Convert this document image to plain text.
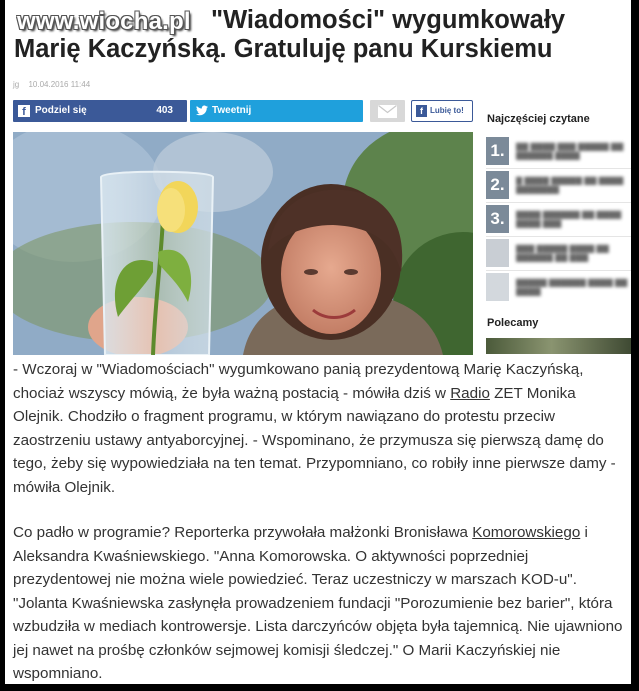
"Wiadomości" wygumkowały Marię Kaczyńską. Gratuluję panu Kurskiemu
www.wiocha.pl
jg 10.04.2016 11:44
f Podziel się	403	Tweetnij	f Lubię to!
Najczęściej czytane
1.	▇▇ ▇▇▇▇ ▇▇▇ ▇▇▇▇▇ ▇▇ ▇▇▇▇▇▇ ▇▇▇▇
2.	▇ ▇▇▇▇ ▇▇▇▇▇ ▇▇ ▇▇▇▇ ▇▇▇▇▇▇▇
3.	▇▇▇▇ ▇▇▇▇▇▇ ▇▇ ▇▇▇▇ ▇▇▇▇ ▇▇▇
4.	▇▇▇ ▇▇▇▇▇ ▇▇▇▇ ▇▇ ▇▇▇▇▇▇ ▇▇ ▇▇▇
5.	▇▇▇▇▇ ▇▇▇▇▇▇ ▇▇▇▇ ▇▇ ▇▇▇▇
Polecamy

- Wczoraj w "Wiadomościach" wygumkowano panią prezydentową Marię Kaczyńską, chociaż wszyscy mówią, że była ważną postacią - mówiła dziś w Radio ZET Monika Olejnik. Chodziło o fragment programu, w którym nawiązano do protestu przeciw zaostrzeniu ustawy antyaborcyjnej. - Wspominano, że przymusza się pierwszą damę do tego, żeby się wypowiedziała na ten temat. Przypomniano, co robiły inne pierwsze damy - mówiła Olejnik.

Co padło w programie? Reporterka przywołała małżonki Bronisława Komorowskiego i Aleksandra Kwaśniewskiego. "Anna Komorowska. O aktywności poprzedniej prezydentowej nie można wiele powiedzieć. Teraz uczestniczy w marszach KOD-u". "Jolanta Kwaśniewska zasłynęła prowadzeniem fundacji "Porozumienie bez barier", która wzbudziła w mediach kontrowersje. Lista darczyńców objęta była tajemnicą. Nie ujawniono jej nawet na prośbę członków sejmowej komisji śledczej." O Marii Kaczyńskiej nie wspomniano.
